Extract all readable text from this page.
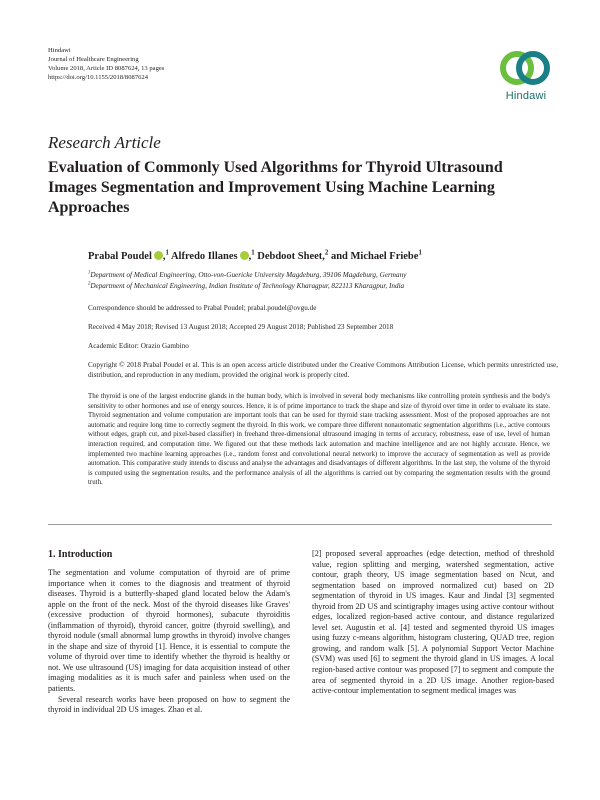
Hindawi
Journal of Healthcare Engineering
Volume 2018, Article ID 8087624, 13 pages
https://doi.org/10.1155/2018/8087624
Hindawi
Research Article
Evaluation of Commonly Used Algorithms for Thyroid Ultrasound Images Segmentation and Improvement Using Machine Learning Approaches
Prabal Poudel ,$^1$ Alfredo Illanes ,$^1$ Debdoot Sheet,$^2$ and Michael Friebe$^1$
$^1$Department of Medical Engineering, Otto-von-Guericke University Magdeburg, 39106 Magdeburg, Germany
$^2$Department of Mechanical Engineering, Indian Institute of Technology Kharagpur, 822113 Kharagpur, India
Correspondence should be addressed to Prabal Poudel; prabal.poudel@ovgu.de
Received 4 May 2018; Revised 13 August 2018; Accepted 29 August 2018; Published 23 September 2018
Academic Editor: Orazio Gambino
Copyright © 2018 Prabal Poudel et al. This is an open access article distributed under the Creative Commons Attribution License, which permits unrestricted use, distribution, and reproduction in any medium, provided the original work is properly cited.
The thyroid is one of the largest endocrine glands in the human body, which is involved in several body mechanisms like controlling protein synthesis and the body's sensitivity to other hormones and use of energy sources. Hence, it is of prime importance to track the shape and size of thyroid over time in order to evaluate its state. Thyroid segmentation and volume computation are important tools that can be used for thyroid state tracking assessment. Most of the proposed approaches are not automatic and require long time to correctly segment the thyroid. In this work, we compare three different nonautomatic segmentation algorithms (i.e., active contours without edges, graph cut, and pixel-based classifier) in freehand three-dimensional ultrasound imaging in terms of accuracy, robustness, ease of use, level of human interaction required, and computation time. We figured out that these methods lack automation and machine intelligence and are not highly accurate. Hence, we implemented two machine learning approaches (i.e., random forest and convolutional neural network) to improve the accuracy of segmentation as well as provide automation. This comparative study intends to discuss and analyse the advantages and disadvantages of different algorithms. In the last step, the volume of the thyroid is computed using the segmentation results, and the performance analysis of all the algorithms is carried out by comparing the segmentation results with the ground truth.
1. Introduction

The segmentation and volume computation of thyroid are of prime importance when it comes to the diagnosis and treatment of thyroid diseases. Thyroid is a butterfly-shaped gland located below the Adam's apple on the front of the neck. Most of the thyroid diseases like Graves' (excessive production of thyroid hormones), subacute thyroiditis (inflammation of thyroid), thyroid cancer, goitre (thyroid swelling), and thyroid nodule (small abnormal lump growths in thyroid) involve changes in the shape and size of thyroid [1]. Hence, it is essential to compute the volume of thyroid over time to identify whether the thyroid is healthy or not. We use ultrasound (US) imaging for data acquisition instead of other imaging modalities as it is much safer and painless when used on the patients.

Several research works have been proposed on how to segment the thyroid in individual 2D US images. Zhao et al.

[2] proposed several approaches (edge detection, method of threshold value, region splitting and merging, watershed segmentation, active contour, graph theory, US image segmentation based on Ncut, and segmentation based on improved normalized cut) based on 2D segmentation of thyroid in US images. Kaur and Jindal [3] segmented thyroid from 2D US and scintigraphy images using active contour without edges, localized region-based active contour, and distance regularized level set. Augustin et al. [4] tested and segmented thyroid US images using fuzzy c-means algorithm, histogram clustering, QUAD tree, region growing, and random walk [5]. A polynomial Support Vector Machine (SVM) was used [6] to segment the thyroid gland in US images. A local region-based active contour was proposed [7] to segment and compute the area of segmented thyroid in a 2D US image. Another region-based active-contour implementation to segment medical images was
